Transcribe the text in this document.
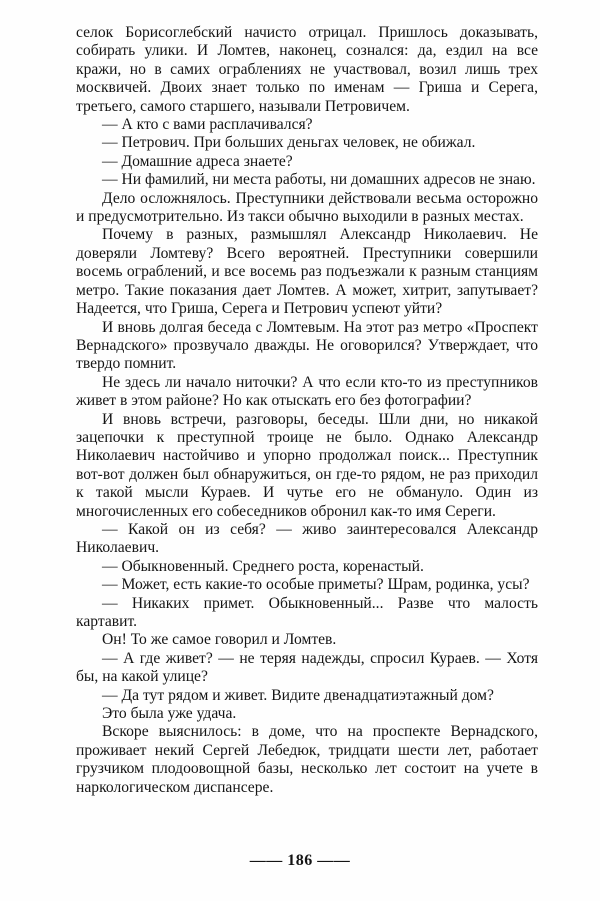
селок Борисоглебский начисто отрицал. Пришлось доказывать, собирать улики. И Ломтев, наконец, сознался: да, ездил на все кражи, но в самих ограблениях не участвовал, возил лишь трех москвичей. Двоих знает только по именам — Гриша и Серега, третьего, самого старшего, называли Петровичем.

— А кто с вами расплачивался?

— Петрович. При больших деньгах человек, не обижал.

— Домашние адреса знаете?

— Ни фамилий, ни места работы, ни домашних адресов не знаю.

Дело осложнялось. Преступники действовали весьма осторожно и предусмотрительно. Из такси обычно выходили в разных местах.

Почему в разных, размышлял Александр Николаевич. Не доверяли Ломтеву? Всего вероятней. Преступники совершили восемь ограблений, и все восемь раз подъезжали к разным станциям метро. Такие показания дает Ломтев. А может, хитрит, запутывает? Надеется, что Гриша, Серега и Петрович успеют уйти?

И вновь долгая беседа с Ломтевым. На этот раз метро «Проспект Вернадского» прозвучало дважды. Не оговорился? Утверждает, что твердо помнит.

Не здесь ли начало ниточки? А что если кто-то из преступников живет в этом районе? Но как отыскать его без фотографии?

И вновь встречи, разговоры, беседы. Шли дни, но никакой зацепочки к преступной троице не было. Однако Александр Николаевич настойчиво и упорно продолжал поиск... Преступник вот-вот должен был обнаружиться, он где-то рядом, не раз приходил к такой мысли Кураев. И чутье его не обмануло. Один из многочисленных его собеседников обронил как-то имя Сереги.

— Какой он из себя? — живо заинтересовался Александр Николаевич.

— Обыкновенный. Среднего роста, коренастый.

— Может, есть какие-то особые приметы? Шрам, родинка, усы?

— Никаких примет. Обыкновенный... Разве что малость картавит.

Он! То же самое говорил и Ломтев.

— А где живет? — не теряя надежды, спросил Кураев. — Хотя бы, на какой улице?

— Да тут рядом и живет. Видите двенадцатиэтажный дом?

Это была уже удача.

Вскоре выяснилось: в доме, что на проспекте Вернадского, проживает некий Сергей Лебедюк, тридцати шести лет, работает грузчиком плодоовощной базы, несколько лет состоит на учете в наркологическом диспансере.

—— 186 ——
